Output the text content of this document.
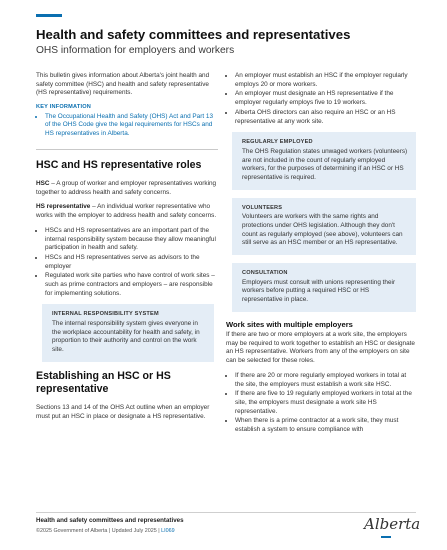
Health and safety committees and representatives
OHS information for employers and workers

This bulletin gives information about Alberta's joint health and safety committee (HSC) and health and safety representative (HS representative) requirements.

KEY INFORMATION
• The Occupational Health and Safety (OHS) Act and Part 13 of the OHS Code give the legal requirements for HSCs and HS representatives in Alberta.
HSC and HS representative roles

HSC – A group of worker and employer representatives working together to address health and safety concerns.

HS representative – An individual worker representative who works with the employer to address health and safety concerns.

• HSCs and HS representatives are an important part of the internal responsibility system because they allow meaningful participation in health and safety.
• HSCs and HS representatives serve as advisors to the employer
• Regulated work site parties who have control of work sites – such as prime contractors and employers – are responsible for implementing solutions.
INTERNAL RESPONSIBILITY SYSTEM
The internal responsibility system gives everyone in the workplace accountability for health and safety, in proportion to their authority and control on the work site.
Establishing an HSC or HS representative

Sections 13 and 14 of the OHS Act outline when an employer must put an HSC in place or designate a HS representative.

• An employer must establish an HSC if the employer regularly employs 20 or more workers.
• An employer must designate an HS representative if the employer regularly employs five to 19 workers.
• Alberta OHS directors can also require an HSC or an HS representative at any work site.
REGULARLY EMPLOYED
The OHS Regulation states unwaged workers (volunteers) are not included in the count of regularly employed workers, for the purposes of determining if an HSC or HS representative is required.
VOLUNTEERS
Volunteers are workers with the same rights and protections under OHS legislation. Although they don't count as regularly employed (see above), volunteers can still serve as an HSC member or an HS representative.
CONSULTATION
Employers must consult with unions representing their workers before putting a required HSC or HS representative in place.
Work sites with multiple employers

If there are two or more employers at a work site, the employers may be required to work together to establish an HSC or designate an HS representative. Workers from any of the employers on site can be selected for these roles.

• If there are 20 or more regularly employed workers in total at the site, the employers must establish a work site HSC.
• If there are five to 19 regularly employed workers in total at the site, the employers must designate a work site HS representative.
• When there is a prime contractor at a work site, they must establish a system to ensure compliance with
Health and safety committees and representatives
©2025 Government of Alberta | Updated July 2025 | LI069	Alberta
